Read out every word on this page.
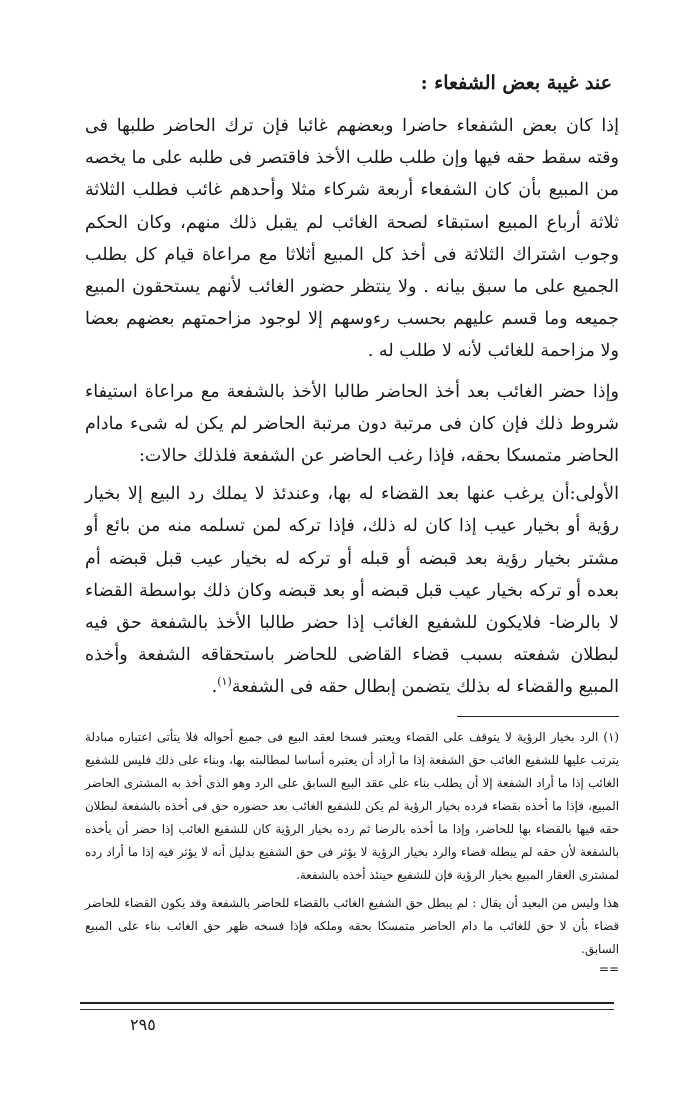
عند غيبة بعض الشفعاء :

إذا كان بعض الشفعاء حاضرا وبعضهم غائبا فإن ترك الحاضر طلبها فى وقته سقط حقه فيها وإن طلب طلب الأخذ فاقتصر فى طلبه على ما يخصه من المبيع بأن كان الشفعاء أربعة شركاء مثلا وأحدهم غائب فطلب الثلاثة ثلاثة أرباع المبيع استبقاء لصحة الغائب لم يقبل ذلك منهم، وكان الحكم وجوب اشتراك الثلاثة فى أخذ كل المبيع أثلاثا مع مراعاة قيام كل بطلب الجميع على ما سبق بيانه . ولا ينتظر حضور الغائب لأنهم يستحقون المبيع جميعه وما قسم عليهم بحسب رءوسهم إلا لوجود مزاحمتهم بعضهم بعضا ولا مزاحمة للغائب لأنه لا طلب له .

وإذا حضر الغائب بعد أخذ الحاضر طالبا الأخذ بالشفعة مع مراعاة استيفاء شروط ذلك فإن كان فى مرتبة دون مرتبة الحاضر لم يكن له شىء مادام الحاضر متمسكا بحقه، فإذا رغب الحاضر عن الشفعة فلذلك حالات:

الأولى:أن يرغب عنها بعد القضاء له بها، وعندئذ لا يملك رد البيع إلا بخيار رؤية أو بخيار عيب إذا كان له ذلك، فإذا تركه لمن تسلمه منه من بائع أو مشتر بخيار رؤية بعد قبضه أو قبله أو تركه له بخيار عيب قبل قبضه أم بعده أو تركه بخيار عيب قبل قبضه أو بعد قبضه وكان ذلك بواسطة القضاء لا بالرضا- فلايكون للشفيع الغائب إذا حضر طالبا الأخذ بالشفعة حق فيه لبطلان شفعته بسبب قضاء القاضى للحاضر باستحقاقه الشفعة وأخذه المبيع والقضاء له بذلك يتضمن إبطال حقه فى الشفعة$^{(١)}$.

(١) الرد بخيار الرؤية لا يتوقف على القضاء ويعتبر فسخا لعقد البيع فى جميع أحواله فلا يتأتى اعتباره مبادلة يترتب عليها للشفيع الغائب حق الشفعة إذا ما أراد أن يعتبره أساسا لمطالبته بها، وبناء على ذلك فليس للشفيع الغائب إذا ما أراد الشفعة إلا أن يطلب بناء على عقد البيع السابق على الرد وهو الذى أخذ به المشترى الحاضر المبيع، فإذا ما أخذه بقضاء فرده بخيار الرؤية لم يكن للشفيع الغائب بعد حضوره حق فى أخذه بالشفعة لبطلان حقه فيها بالقضاء بها للحاضر، وإذا ما أخذه بالرضا ثم رده بخيار الرؤية كان للشفيع الغائب إذا حضر أن يأخذه بالشفعة لأن حقه لم يبطله قضاء والرد بخيار الرؤية لا يؤثر فى حق الشفيع بدليل أنه لا يؤثر فيه إذا ما أراد رده لمشترى العقار المبيع بخيار الرؤية فإن للشفيع حينئذ أخذه بالشفعة.

هذا وليس من البعيد أن يقال : لم يبطل حق الشفيع الغائب بالقضاء للحاضر بالشفعة وقد يكون القضاء للحاضر قضاء بأن لا حق للغائب ما دام الحاضر متمسكا بحقه وملكه فإذا فسخه ظهر حق الغائب بناء على المبيع السابق.

==

٢٩٥
